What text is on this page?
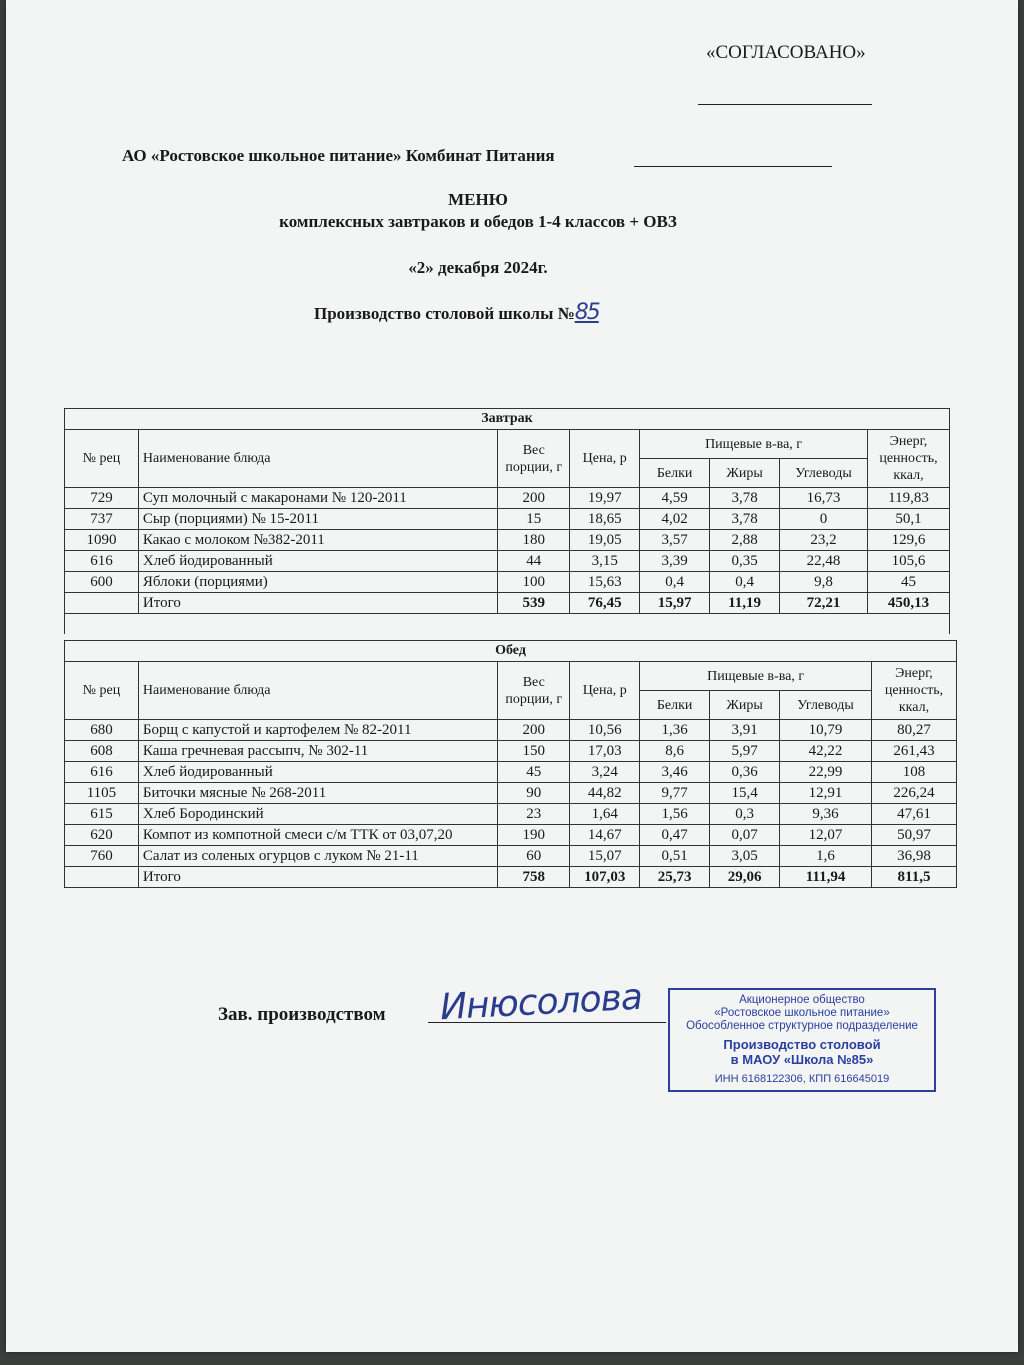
«СОГЛАСОВАНО»
АО «Ростовское школьное питание» Комбинат Питания
МЕНЮ
комплексных завтраков и обедов 1-4 классов + ОВЗ
«2» декабря 2024г.
Производство столовой школы №85
Завтрак							
№ рец	Наименование блюда	Вес порции, г	Цена, р	Пищевые в-ва, г			Энерг, ценность, ккал,
				Белки	Жиры	Углеводы	
729	Суп молочный с макаронами № 120-2011	200	19,97	4,59	3,78	16,73	119,83
737	Сыр (порциями) № 15-2011	15	18,65	4,02	3,78	0	50,1
1090	Какао с молоком №382-2011	180	19,05	3,57	2,88	23,2	129,6
616	Хлеб йодированный	44	3,15	3,39	0,35	22,48	105,6
600	Яблоки (порциями)	100	15,63	0,4	0,4	9,8	45
	Итого	539	76,45	15,97	11,19	72,21	450,13

Обед							
№ рец	Наименование блюда	Вес порции, г	Цена, р	Пищевые в-ва, г			Энерг, ценность, ккал,
				Белки	Жиры	Углеводы	
680	Борщ с капустой и картофелем № 82-2011	200	10,56	1,36	3,91	10,79	80,27
608	Каша гречневая рассыпч, № 302-11	150	17,03	8,6	5,97	42,22	261,43
616	Хлеб йодированный	45	3,24	3,46	0,36	22,99	108
1105	Биточки мясные № 268-2011	90	44,82	9,77	15,4	12,91	226,24
615	Хлеб Бородинский	23	1,64	1,56	0,3	9,36	47,61
620	Компот из компотной смеси с/м ТТК от 03,07,20	190	14,67	0,47	0,07	12,07	50,97
760	Салат из соленых огурцов с луком № 21-11	60	15,07	0,51	3,05	1,6	36,98
	Итого	758	107,03	25,73	29,06	111,94	811,5
Зав. производством Инюсолова	Акционерное общество
«Ростовское школьное питание»
Обособленное структурное подразделение
Производство столовой
в МАОУ «Школа №85»
ИНН 6168122306, КПП 616645019
